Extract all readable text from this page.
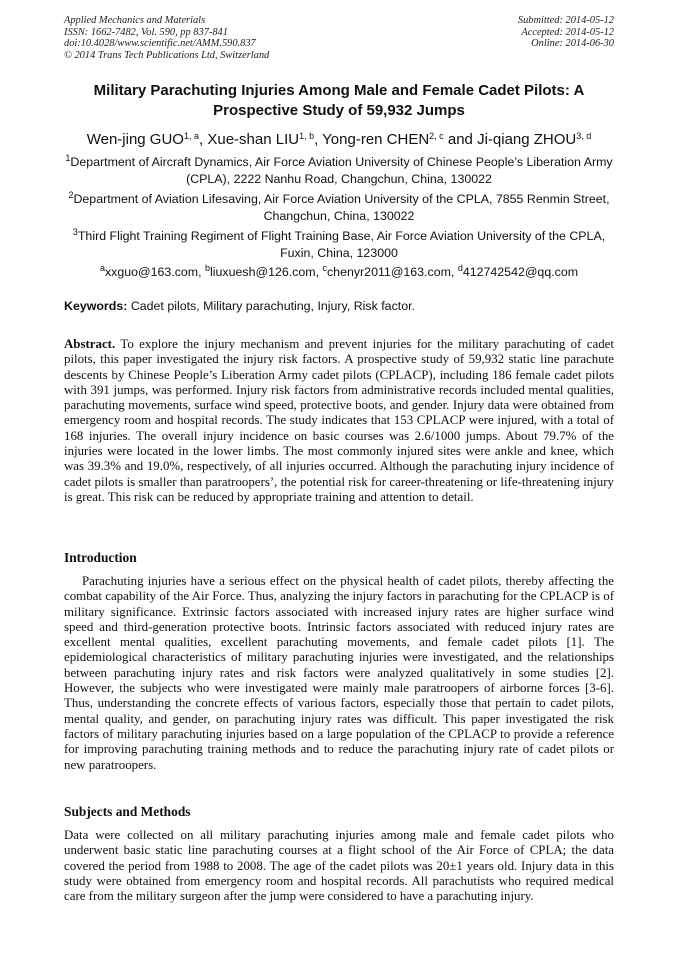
Applied Mechanics and Materials
ISSN: 1662-7482, Vol. 590, pp 837-841
doi:10.4028/www.scientific.net/AMM.590.837
© 2014 Trans Tech Publications Ltd, Switzerland
Submitted: 2014-05-12
Accepted: 2014-05-12
Online: 2014-06-30
Military Parachuting Injuries Among Male and Female Cadet Pilots: A Prospective Study of 59,932 Jumps
Wen-jing GUO$^{1, a}$, Xue-shan LIU$^{1, b}$, Yong-ren CHEN$^{2, c}$ and Ji-qiang ZHOU$^{3, d}$
$^1$Department of Aircraft Dynamics, Air Force Aviation University of Chinese People’s Liberation Army (CPLA), 2222 Nanhu Road, Changchun, China, 130022
$^2$Department of Aviation Lifesaving, Air Force Aviation University of the CPLA, 7855 Renmin Street, Changchun, China, 130022
$^3$Third Flight Training Regiment of Flight Training Base, Air Force Aviation University of the CPLA, Fuxin, China, 123000
$^a$xxguo@163.com, $^b$liuxuesh@126.com, $^c$chenyr2011@163.com, $^d$412742542@qq.com
Keywords: Cadet pilots, Military parachuting, Injury, Risk factor.
Abstract. To explore the injury mechanism and prevent injuries for the military parachuting of cadet pilots, this paper investigated the injury risk factors. A prospective study of 59,932 static line parachute descents by Chinese People’s Liberation Army cadet pilots (CPLACP), including 186 female cadet pilots with 391 jumps, was performed. Injury risk factors from administrative records included mental qualities, parachuting movements, surface wind speed, protective boots, and gender. Injury data were obtained from emergency room and hospital records. The study indicates that 153 CPLACP were injured, with a total of 168 injuries. The overall injury incidence on basic courses was 2.6/1000 jumps. About 79.7% of the injuries were located in the lower limbs. The most commonly injured sites were ankle and knee, which was 39.3% and 19.0%, respectively, of all injuries occurred. Although the parachuting injury incidence of cadet pilots is smaller than paratroopers’, the potential risk for career-threatening or life-threatening injury is great. This risk can be reduced by appropriate training and attention to detail.
Introduction
Parachuting injuries have a serious effect on the physical health of cadet pilots, thereby affecting the combat capability of the Air Force. Thus, analyzing the injury factors in parachuting for the CPLACP is of military significance. Extrinsic factors associated with increased injury rates are higher surface wind speed and third-generation protective boots. Intrinsic factors associated with reduced injury rates are excellent mental qualities, excellent parachuting movements, and female cadet pilots [1]. The epidemiological characteristics of military parachuting injuries were investigated, and the relationships between parachuting injury rates and risk factors were analyzed qualitatively in some studies [2]. However, the subjects who were investigated were mainly male paratroopers of airborne forces [3-6]. Thus, understanding the concrete effects of various factors, especially those that pertain to cadet pilots, mental quality, and gender, on parachuting injury rates was difficult. This paper investigated the risk factors of military parachuting injuries based on a large population of the CPLACP to provide a reference for improving parachuting training methods and to reduce the parachuting injury rate of cadet pilots or new paratroopers.
Subjects and Methods
Data were collected on all military parachuting injuries among male and female cadet pilots who underwent basic static line parachuting courses at a flight school of the Air Force of CPLA; the data covered the period from 1988 to 2008. The age of the cadet pilots was 20±1 years old. Injury data in this study were obtained from emergency room and hospital records. All parachutists who required medical care from the military surgeon after the jump were considered to have a parachuting injury.
